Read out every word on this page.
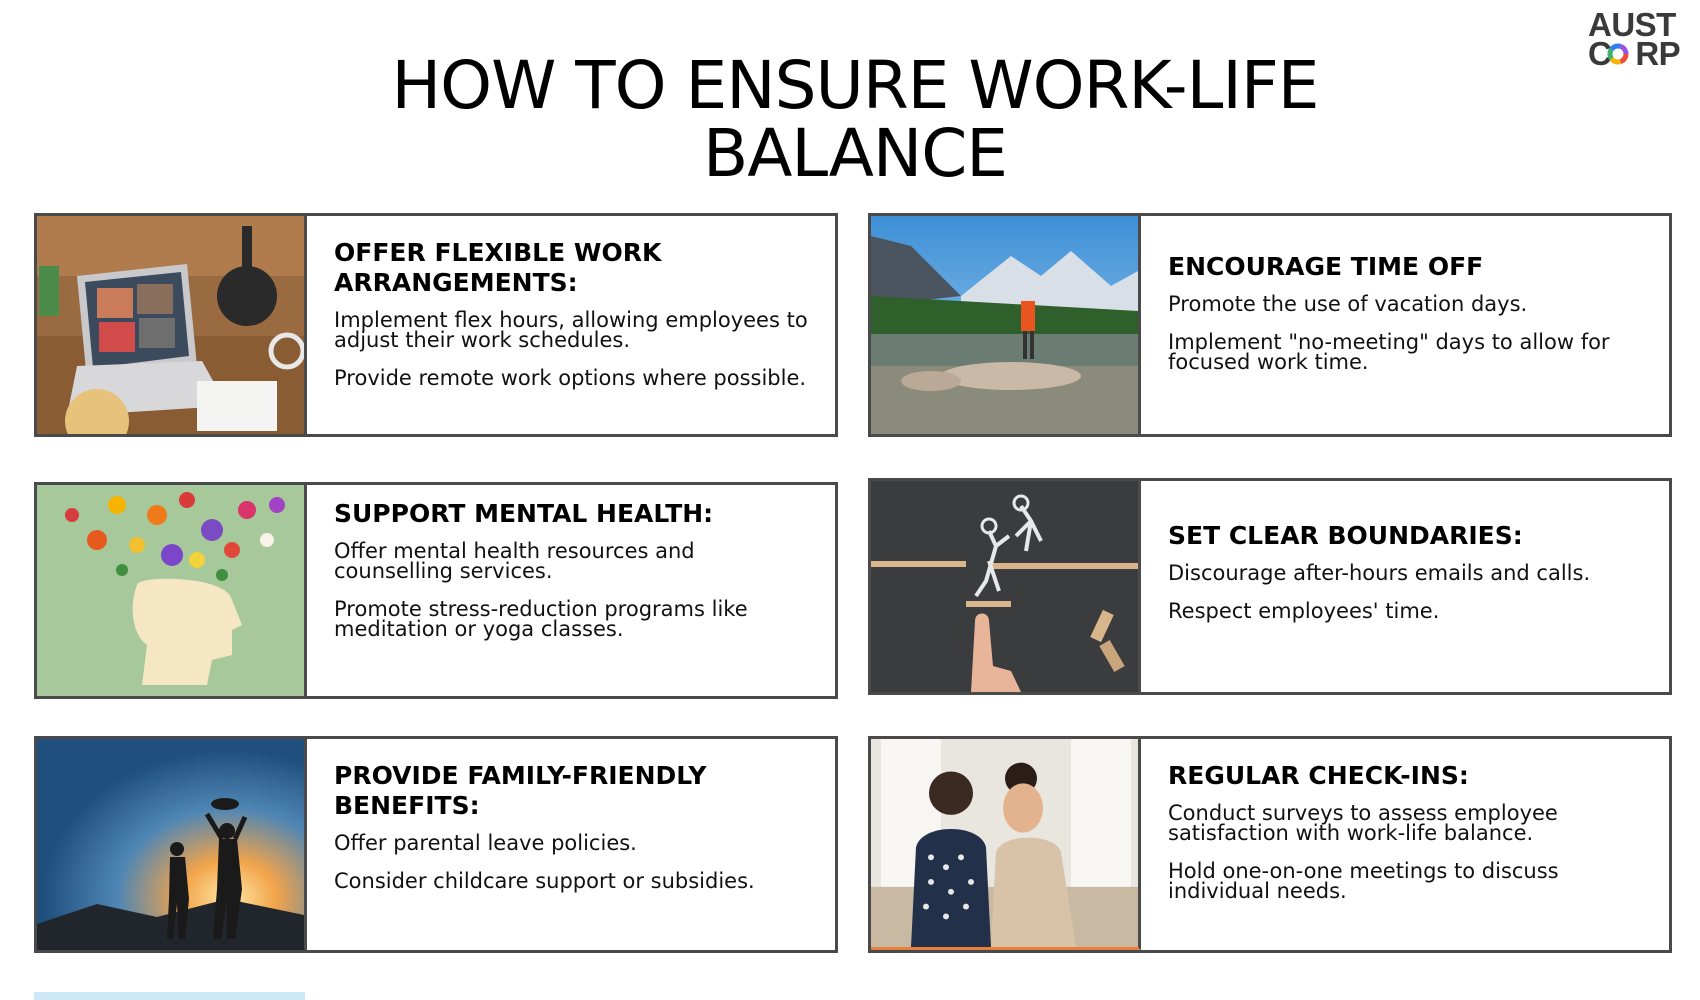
HOW TO ENSURE WORK-LIFE
BALANCE
AUST
C RP
OFFER FLEXIBLE WORK ARRANGEMENTS:
Implement flex hours, allowing employees to adjust their work schedules.
Provide remote work options where possible.
ENCOURAGE TIME OFF
Promote the use of vacation days.
Implement "no-meeting" days to allow for focused work time.
SUPPORT MENTAL HEALTH:
Offer mental health resources and counselling services.
Promote stress-reduction programs like meditation or yoga classes.
SET CLEAR BOUNDARIES:
Discourage after-hours emails and calls.
Respect employees' time.
PROVIDE FAMILY-FRIENDLY BENEFITS:
Offer parental leave policies.
Consider childcare support or subsidies.
REGULAR CHECK-INS:
Conduct surveys to assess employee satisfaction with work-life balance.
Hold one-on-one meetings to discuss individual needs.
